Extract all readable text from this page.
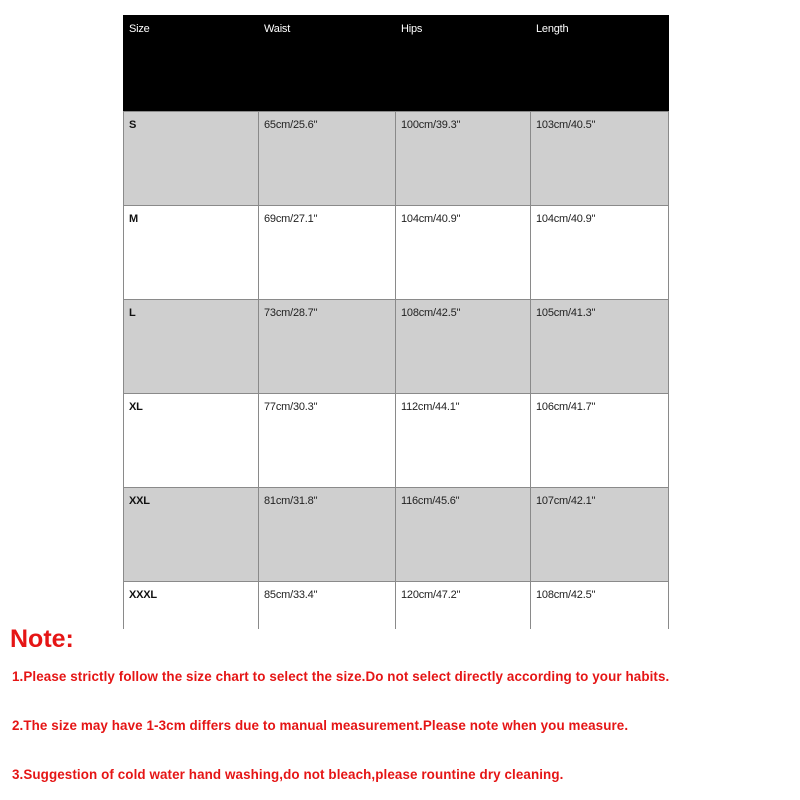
Size	Waist	Hips	Length
S	65cm/25.6"	100cm/39.3"	103cm/40.5"
M	69cm/27.1"	104cm/40.9"	104cm/40.9"
L	73cm/28.7"	108cm/42.5"	105cm/41.3"
XL	77cm/30.3"	112cm/44.1"	106cm/41.7"
XXL	81cm/31.8"	116cm/45.6"	107cm/42.1"
XXXL	85cm/33.4"	120cm/47.2"	108cm/42.5"
Note:

1.Please strictly follow the size chart to select the size.Do not select directly according to your habits.

2.The size may have 1-3cm differs due to manual measurement.Please note when you measure.

3.Suggestion of cold water hand washing,do not bleach,please rountine dry cleaning.
